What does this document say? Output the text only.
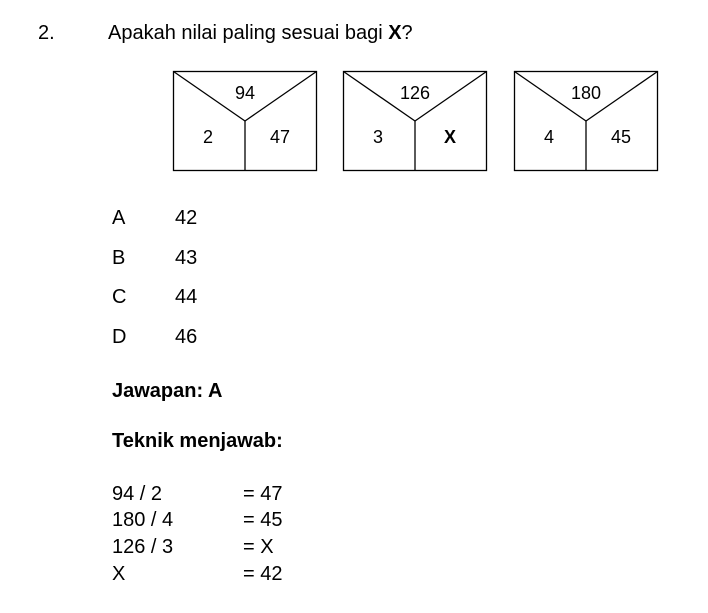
2.	Apakah nilai paling sesuai bagi X?
94
2	47
126
3	X
180
4	45
A 42
B 43
C 44
D 46
Jawapan: A
Teknik menjawab:
94 / 2	= 47
180 / 4	= 45
126 / 3	= X
X	= 42
